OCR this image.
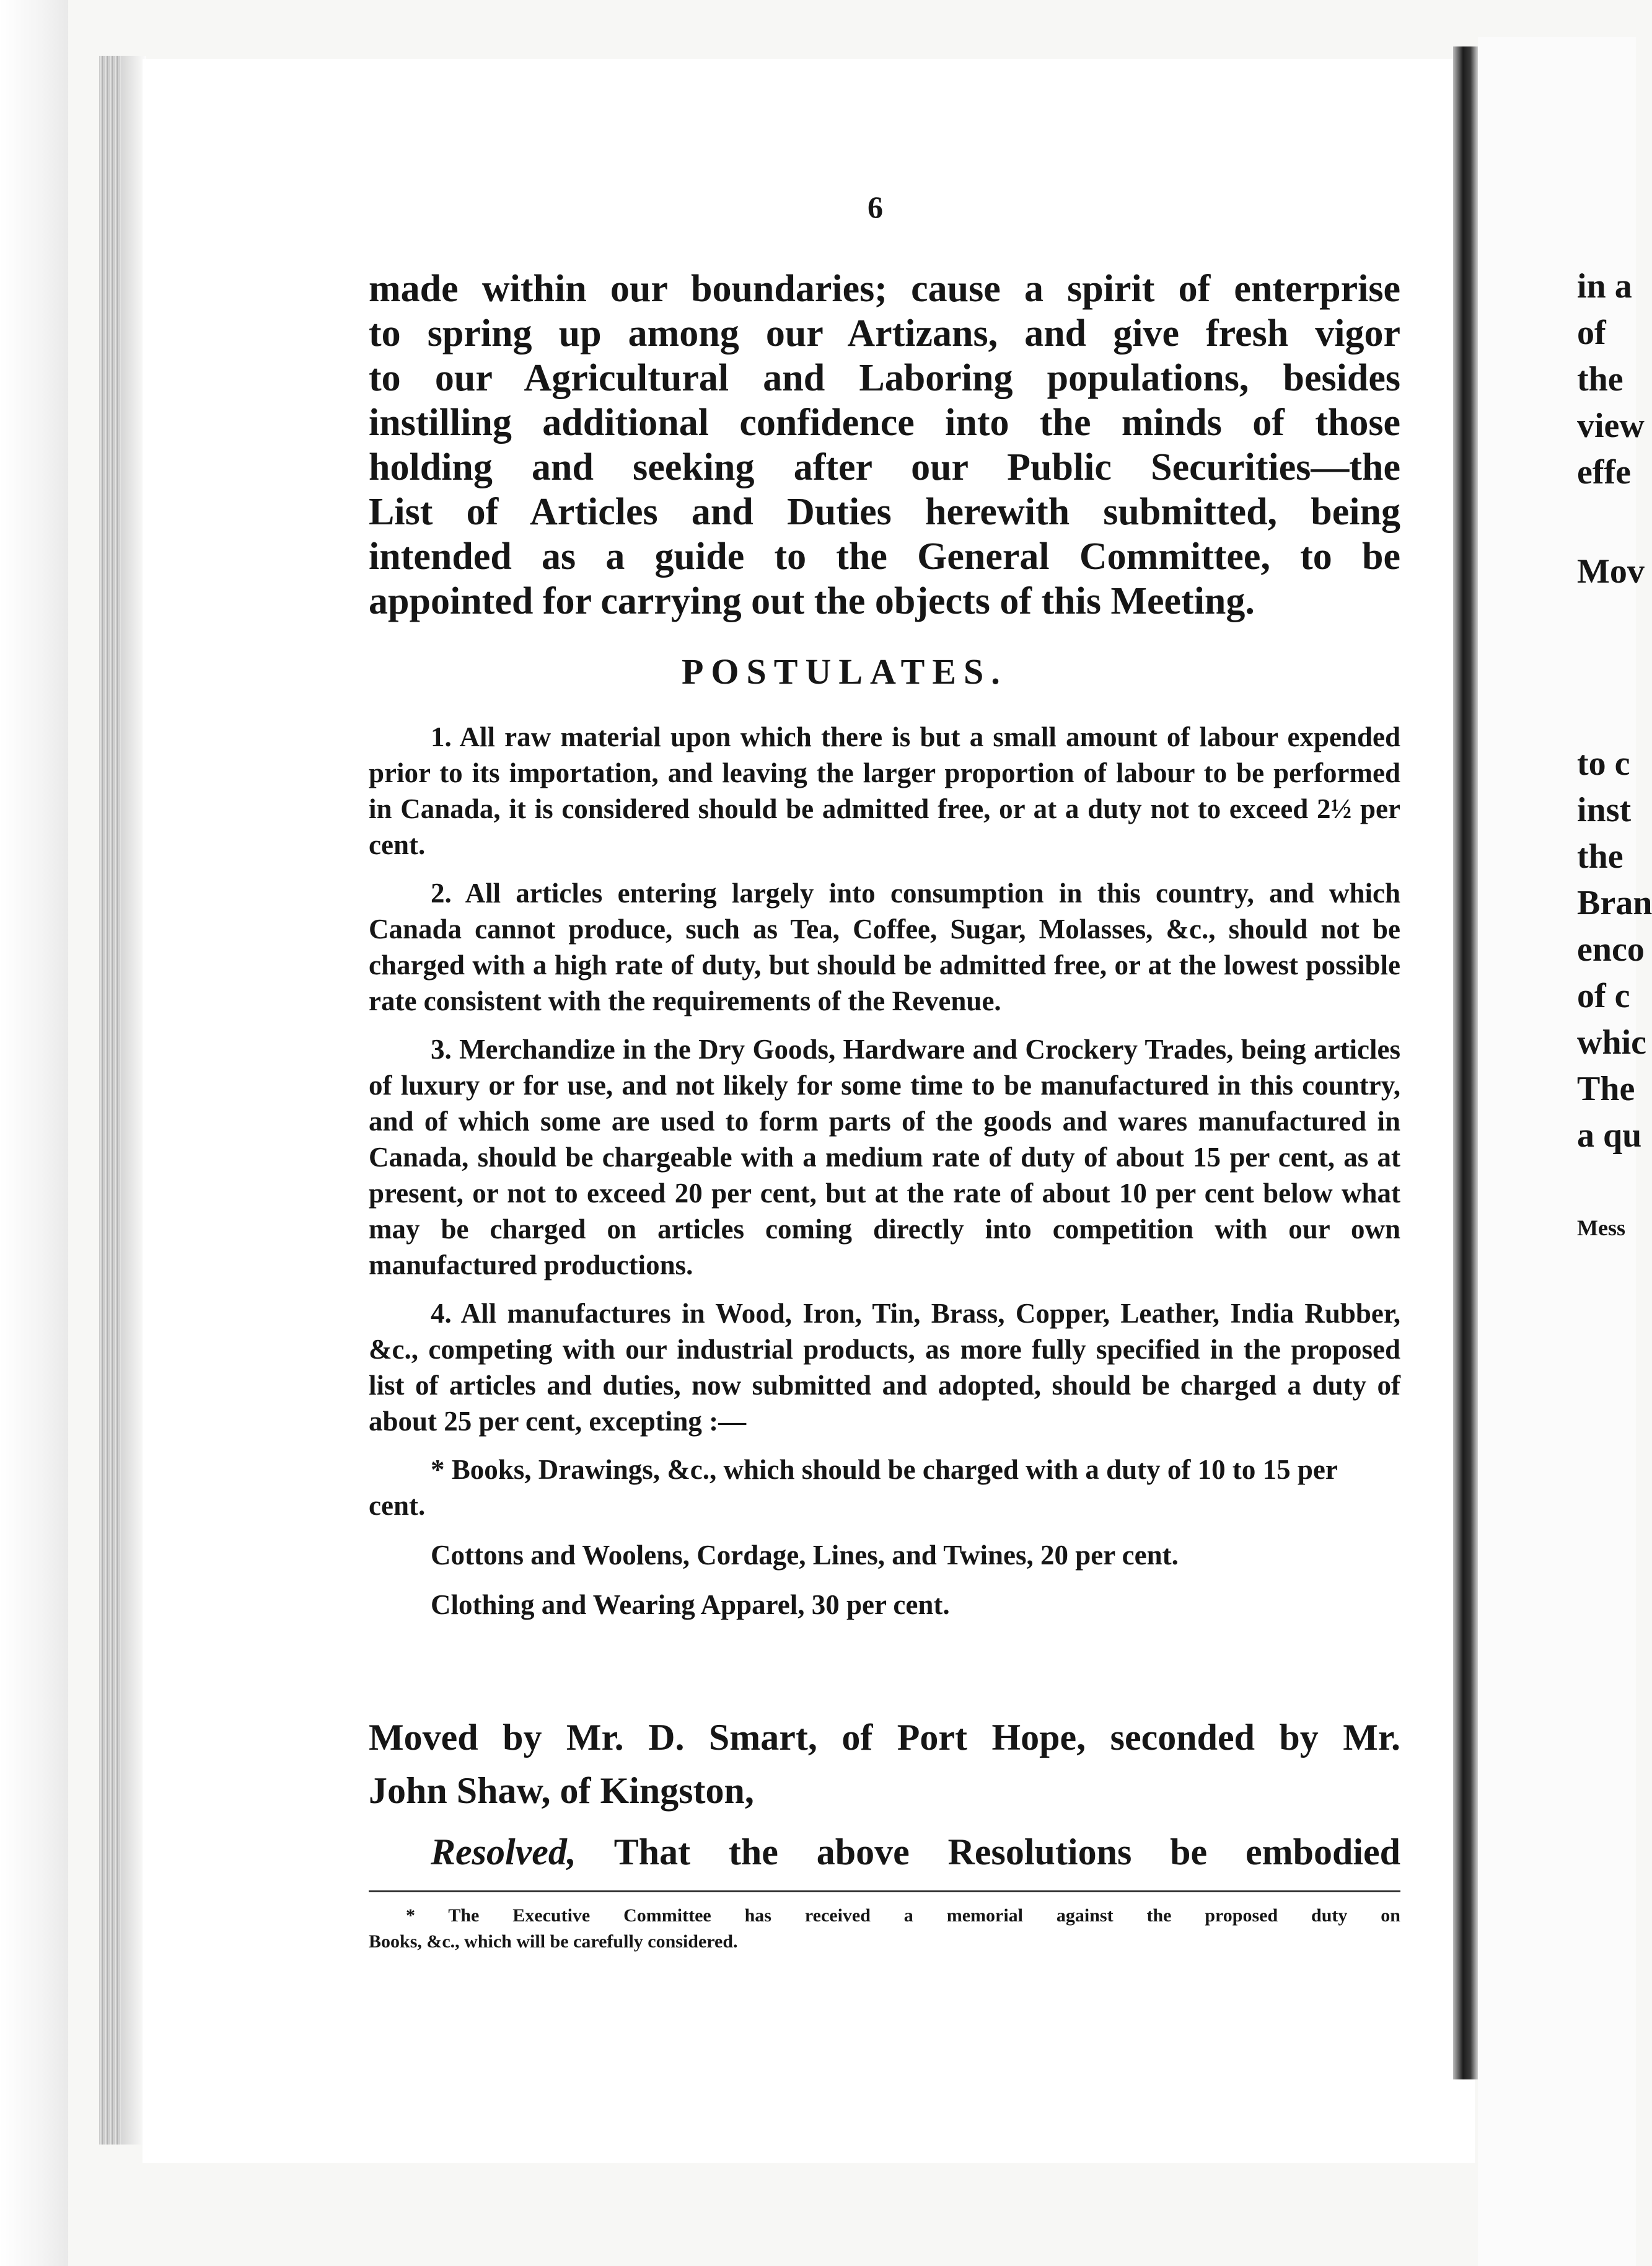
in a
of
the
view
effe
Mov
to c
inst
the
Bran
enco
of c
whic
The
a qu
Mess
6

made within our boundaries; cause a spirit of enterprise

to spring up among our Artizans, and give fresh vigor

to our Agricultural and Laboring populations, besides

instilling additional confidence into the minds of those

holding and seeking after our Public Securities—the

List of Articles and Duties herewith submitted, being

intended as a guide to the General Committee, to be

appointed for carrying out the objects of this Meeting.

POSTULATES.

1. All raw material upon which there is but a small amount of labour expended prior to its importation, and leaving the larger proportion of labour to be performed in Canada, it is considered should be admitted free, or at a duty not to exceed 2½ per cent.

2. All articles entering largely into consumption in this country, and which Canada cannot produce, such as Tea, Coffee, Sugar, Molasses, &c., should not be charged with a high rate of duty, but should be admitted free, or at the lowest possible rate consistent with the requirements of the Revenue.

3. Merchandize in the Dry Goods, Hardware and Crockery Trades, being articles of luxury or for use, and not likely for some time to be manufactured in this country, and of which some are used to form parts of the goods and wares manufactured in Canada, should be chargeable with a medium rate of duty of about 15 per cent, as at present, or not to exceed 20 per cent, but at the rate of about 10 per cent below what may be charged on articles coming directly into competition with our own manufactured productions.

4. All manufactures in Wood, Iron, Tin, Brass, Copper, Leather, India Rubber, &c., competing with our industrial products, as more fully specified in the proposed list of articles and duties, now submitted and adopted, should be charged a duty of about 25 per cent, excepting :—

* Books, Drawings, &c., which should be charged with a duty of 10 to 15 per cent.

Cottons and Woolens, Cordage, Lines, and Twines, 20 per cent.

Clothing and Wearing Apparel, 30 per cent.

Moved by Mr. D. Smart, of Port Hope, seconded by Mr.
John Shaw, of Kingston,
Resolved, That the above Resolutions be embodied
* The Executive Committee has received a memorial against the proposed duty on
Books, &c., which will be carefully considered.
